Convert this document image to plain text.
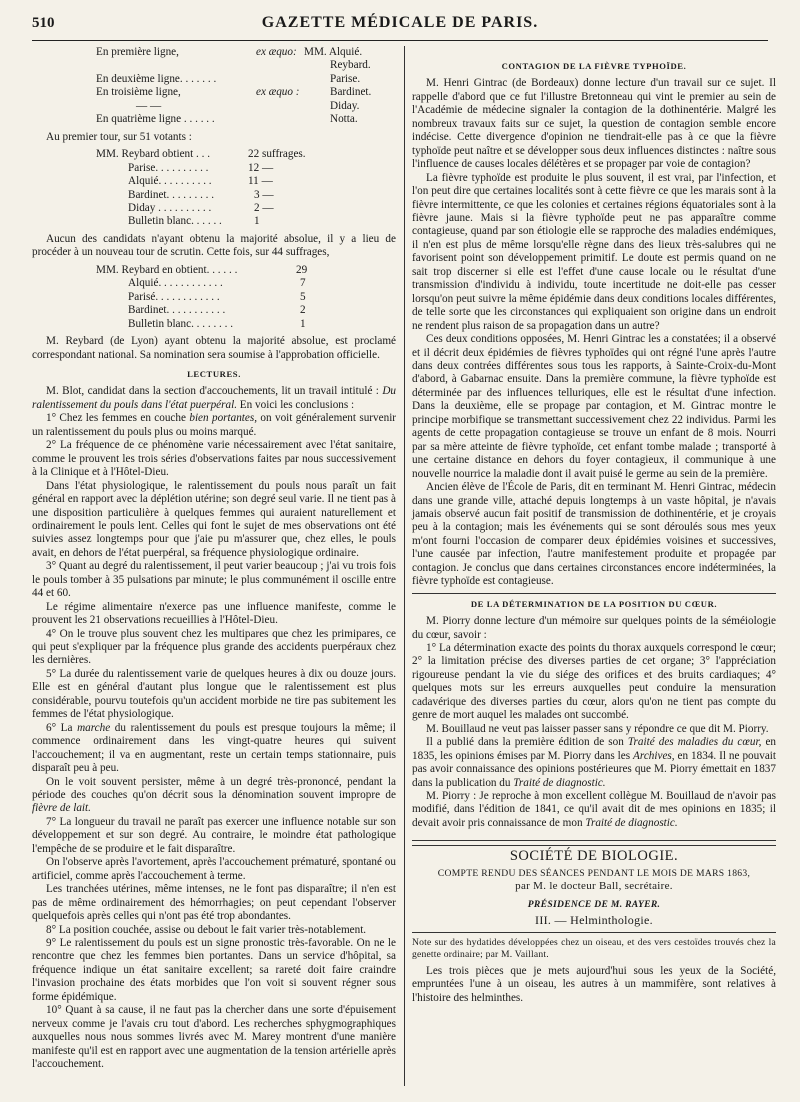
510	GAZETTE MÉDICALE DE PARIS.
En première ligne,	ex æquo: MM. Alquié.
Reybard.
En deuxième ligne. . . . . . .	Parise.
En troisième ligne,	ex æquo :	Bardinet.
— —	Diday.
En quatrième ligne . . . . . .	Notta.

Au premier tour, sur 51 votants :

MM. Reybard obtient . . .	22 suffrages.
Parise. . . . . . . . . .	12 —
Alquié. . . . . . . . . .	11 —
Bardinet. . . . . . . . .	3 —
Diday . . . . . . . . . .	2 —
Bulletin blanc. . . . . .	1

Aucun des candidats n'ayant obtenu la majorité absolue, il y a lieu de procéder à un nouveau tour de scrutin. Cette fois, sur 44 suffrages,

MM. Reybard en obtient. . . . . .	29
Alquié. . . . . . . . . . . .	7
Parisé. . . . . . . . . . . .	5
Bardinet. . . . . . . . . . .	2
Bulletin blanc. . . . . . . .	1

M. Reybard (de Lyon) ayant obtenu la majorité absolue, est proclamé correspondant national. Sa nomination sera soumise à l'approbation officielle.

LECTURES.

M. Blot, candidat dans la section d'accouchements, lit un travail intitulé : Du ralentissement du pouls dans l'état puerpéral. En voici les conclusions :

1° Chez les femmes en couche bien portantes, on voit généralement survenir un ralentissement du pouls plus ou moins marqué.

2° La fréquence de ce phénomène varie nécessairement avec l'état sanitaire, comme le prouvent les trois séries d'observations faites par nous successivement à la Clinique et à l'Hôtel-Dieu.

Dans l'état physiologique, le ralentissement du pouls nous paraît un fait général en rapport avec la déplétion utérine; son degré seul varie. Il ne tient pas à une disposition particulière à quelques femmes qui auraient naturellement et ordinairement le pouls lent. Celles qui font le sujet de mes observations ont été suivies assez longtemps pour que j'aie pu m'assurer que, chez elles, le pouls avait, en dehors de l'état puerpéral, sa fréquence physiologique ordinaire.

3° Quant au degré du ralentissement, il peut varier beaucoup ; j'ai vu trois fois le pouls tomber à 35 pulsations par minute; le plus communément il oscille entre 44 et 60.

Le régime alimentaire n'exerce pas une influence manifeste, comme le prouvent les 21 observations recueillies à l'Hôtel-Dieu.

4° On le trouve plus souvent chez les multipares que chez les primipares, ce qui peut s'expliquer par la fréquence plus grande des accidents puerpéraux chez les dernières.

5° La durée du ralentissement varie de quelques heures à dix ou douze jours. Elle est en général d'autant plus longue que le ralentissement est plus considérable, pourvu toutefois qu'un accident morbide ne tire pas subitement les femmes de l'état physiologique.

6° La marche du ralentissement du pouls est presque toujours la même; il commence ordinairement dans les vingt-quatre heures qui suivent l'accouchement; il va en augmentant, reste un certain temps stationnaire, puis disparaît peu à peu.

On le voit souvent persister, même à un degré très-prononcé, pendant la période des couches qu'on décrit sous la dénomination souvent impropre de fièvre de lait.

7° La longueur du travail ne paraît pas exercer une influence notable sur son développement et sur son degré. Au contraire, le moindre état pathologique l'empêche de se produire et le fait disparaître.

On l'observe après l'avortement, après l'accouchement prématuré, spontané ou artificiel, comme après l'accouchement à terme.

Les tranchées utérines, même intenses, ne le font pas disparaître; il n'en est pas de même ordinairement des hémorrhagies; on peut cependant l'observer quelquefois après celles qui n'ont pas été trop abondantes.

8° La position couchée, assise ou debout le fait varier très-notablement.

9° Le ralentissement du pouls est un signe pronostic très-favorable. On ne le rencontre que chez les femmes bien portantes. Dans un service d'hôpital, sa fréquence indique un état sanitaire excellent; sa rareté doit faire craindre l'invasion prochaine des états morbides que l'on voit si souvent régner sous forme épidémique.

10° Quant à sa cause, il ne faut pas la chercher dans une sorte d'épuisement nerveux comme je l'avais cru tout d'abord. Les recherches sphygmographiques auxquelles nous nous sommes livrés avec M. Marey montrent d'une manière manifeste qu'il est en rapport avec une augmentation de la tension artérielle après l'accouchement.

CONTAGION DE LA FIÈVRE TYPHOÏDE.

M. Henri Gintrac (de Bordeaux) donne lecture d'un travail sur ce sujet. Il rappelle d'abord que ce fut l'illustre Bretonneau qui vint le premier au sein de l'Académie de médecine signaler la contagion de la dothinentérie. Malgré les nombreux travaux faits sur ce sujet, la question de contagion semble encore indécise. Cette divergence d'opinion ne tiendrait-elle pas à ce que la fièvre typhoïde peut naître et se développer sous deux influences distinctes : naître sous l'influence de causes locales délétères et se propager par voie de contagion?

La fièvre typhoïde est produite le plus souvent, il est vrai, par l'infection, et l'on peut dire que certaines localités sont à cette fièvre ce que les marais sont à la fièvre intermittente, ce que les colonies et certaines régions équatoriales sont à la fièvre jaune. Mais si la fièvre typhoïde peut ne pas apparaître comme contagieuse, quand par son étiologie elle se rapproche des maladies endémiques, il n'en est plus de même lorsqu'elle règne dans des lieux très-salubres qui ne favorisent point son développement primitif. Le doute est permis quand on ne sait trop discerner si elle est l'effet d'une cause locale ou le résultat d'une transmission d'individu à individu, toute incertitude ne doit-elle pas cesser lorsqu'on peut suivre la même épidémie dans deux conditions locales différentes, de telle sorte que les circonstances qui expliquaient son origine dans un endroit ne rendent plus raison de sa propagation dans un autre?

Ces deux conditions opposées, M. Henri Gintrac les a constatées; il a observé et il décrit deux épidémies de fièvres typhoïdes qui ont régné l'une après l'autre dans deux contrées différentes sous tous les rapports, à Sainte-Croix-du-Mont d'abord, à Gabarnac ensuite. Dans la première commune, la fièvre typhoïde est déterminée par des influences telluriques, elle est le résultat d'une infection. Dans la deuxième, elle se propage par contagion, et M. Gintrac montre le principe morbifique se transmettant successivement chez 22 individus. Parmi les agents de cette propagation contagieuse se trouve un enfant de 8 mois. Nourri par sa mère atteinte de fièvre typhoïde, cet enfant tombe malade ; transporté à une certaine distance en dehors du foyer contagieux, il communique à une nouvelle nourrice la maladie dont il avait puisé le germe au sein de la première.

Ancien élève de l'École de Paris, dit en terminant M. Henri Gintrac, médecin dans une grande ville, attaché depuis longtemps à un vaste hôpital, je n'avais jamais observé aucun fait positif de transmission de dothinentérie, et je croyais peu à la contagion; mais les événements qui se sont déroulés sous mes yeux m'ont fourni l'occasion de comparer deux épidémies voisines et successives, l'une causée par infection, l'autre manifestement produite et propagée par contagion. Je conclus que dans certaines circonstances encore indéterminées, la fièvre typhoïde est contagieuse.

DE LA DÉTERMINATION DE LA POSITION DU CŒUR.

M. Piorry donne lecture d'un mémoire sur quelques points de la séméiologie du cœur, savoir :

1° La détermination exacte des points du thorax auxquels correspond le cœur; 2° la limitation précise des diverses parties de cet organe; 3° l'appréciation rigoureuse pendant la vie du siége des orifices et des bruits cardiaques; 4° quelques mots sur les erreurs auxquelles peut conduire la mensuration cadavérique des diverses parties du cœur, alors qu'on ne tient pas compte du genre de mort auquel les malades ont succombé.

M. Bouillaud ne veut pas laisser passer sans y répondre ce que dit M. Piorry.

Il a publié dans la première édition de son Traité des maladies du cœur, en 1835, les opinions émises par M. Piorry dans les Archives, en 1834. Il ne pouvait pas avoir connaissance des opinions postérieures que M. Piorry émettait en 1837 dans la publication du Traité de diagnostic.

M. Piorry : Je reproche à mon excellent collègue M. Bouillaud de n'avoir pas modifié, dans l'édition de 1841, ce qu'il avait dit de mes opinions en 1835; il devait avoir pris connaissance de mon Traité de diagnostic.

SOCIÉTÉ DE BIOLOGIE.
COMPTE RENDU DES SÉANCES PENDANT LE MOIS DE MARS 1863,
par M. le docteur Ball, secrétaire.
PRÉSIDENCE DE M. RAYER.
III. — Helminthologie.

Note sur des hydatides développées chez un oiseau, et des vers cestoïdes trouvés chez la genette ordinaire; par M. Vaillant.

Les trois pièces que je mets aujourd'hui sous les yeux de la Société, empruntées l'une à un oiseau, les autres à un mammifère, sont relatives à l'histoire des helminthes.
